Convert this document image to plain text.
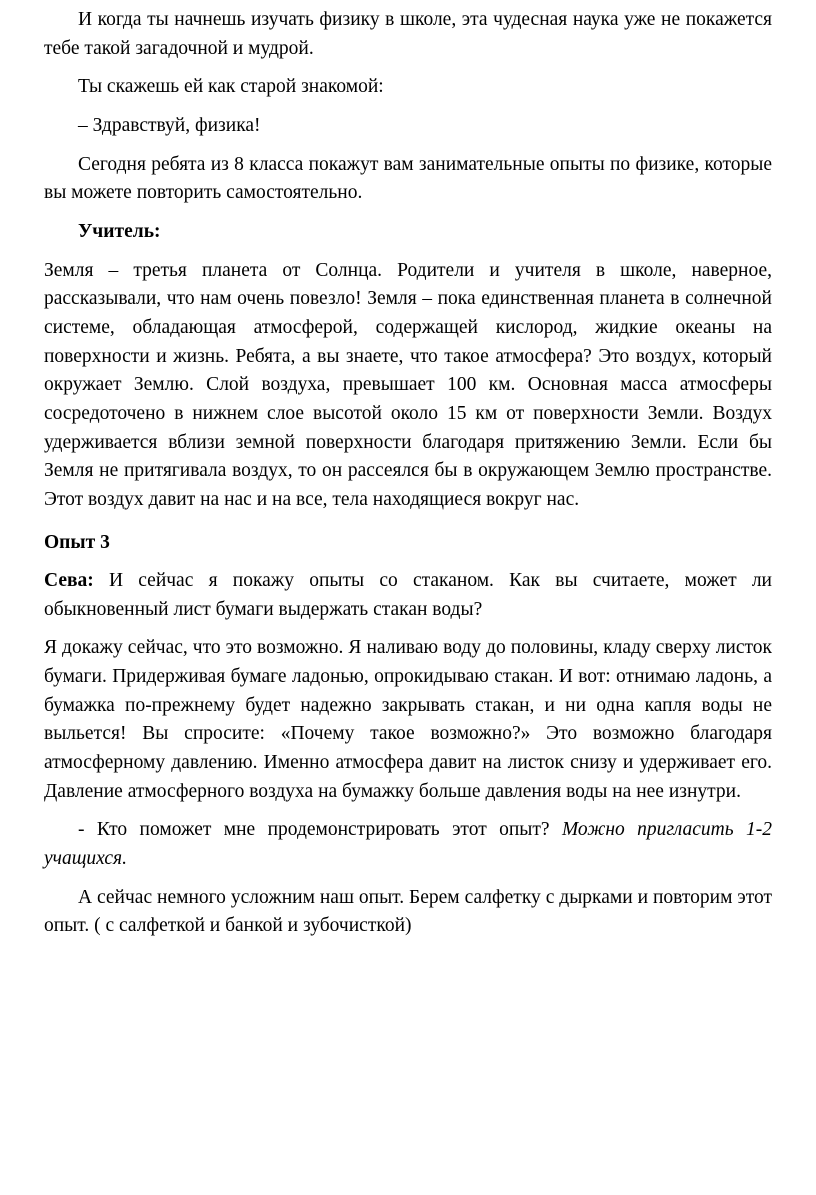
И когда ты начнешь изучать физику в школе, эта чудесная наука уже не покажется тебе такой загадочной и мудрой.

Ты скажешь ей как старой знакомой:

– Здравствуй, физика!

Сегодня ребята из 8 класса покажут вам занимательные опыты по физике, которые вы можете повторить самостоятельно.

Учитель:

Земля – третья планета от Солнца. Родители и учителя в школе, наверное, рассказывали, что нам очень повезло! Земля – пока единственная планета в солнечной системе, обладающая атмосферой, содержащей кислород, жидкие океаны на поверхности и жизнь. Ребята, а вы знаете, что такое атмосфера? Это воздух, который окружает Землю. Слой воздуха, превышает 100 км. Основная масса атмосферы сосредоточено в нижнем слое высотой около 15 км от поверхности Земли. Воздух удерживается вблизи земной поверхности благодаря притяжению Земли. Если бы Земля не притягивала воздух, то он рассеялся бы в окружающем Землю пространстве. Этот воздух давит на нас и на все, тела находящиеся вокруг нас.

Опыт 3

Сева: И сейчас я покажу опыты со стаканом. Как вы считаете, может ли обыкновенный лист бумаги выдержать стакан воды?

Я докажу сейчас, что это возможно. Я наливаю воду до половины, кладу сверху листок бумаги. Придерживая бумаге ладонью, опрокидываю стакан. И вот: отнимаю ладонь, а бумажка по-прежнему будет надежно закрывать стакан, и ни одна капля воды не выльется! Вы спросите: «Почему такое возможно?» Это возможно благодаря атмосферному давлению. Именно атмосфера давит на листок снизу и удерживает его. Давление атмосферного воздуха на бумажку больше давления воды на нее изнутри.

- Кто поможет мне продемонстрировать этот опыт? Можно пригласить 1-2 учащихся.

А сейчас немного усложним наш опыт. Берем салфетку с дырками и повторим этот опыт. ( с салфеткой и банкой и зубочисткой)
